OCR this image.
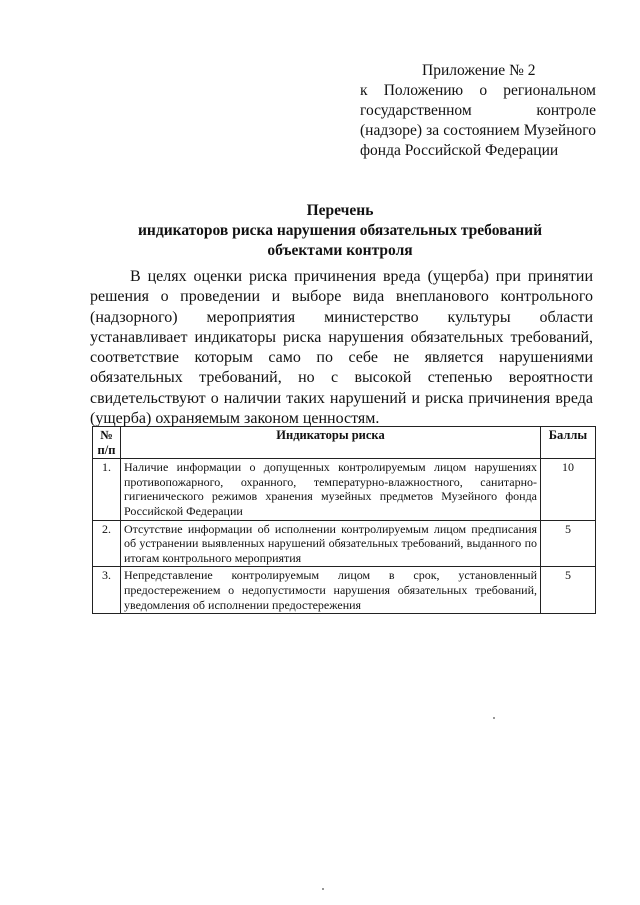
Приложение № 2
к Положению о региональном государственном контроле (надзоре) за состоянием Музейного фонда Российской Федерации
Перечень
индикаторов риска нарушения обязательных требований
объектами контроля

В целях оценки риска причинения вреда (ущерба) при принятии решения о проведении и выборе вида внепланового контрольного (надзорного) мероприятия министерство культуры области устанавливает индикаторы риска нарушения обязательных требований, соответствие которым само по себе не является нарушениями обязательных требований, но с высокой степенью вероятности свидетельствуют о наличии таких нарушений и риска причинения вреда (ущерба) охраняемым законом ценностям.

№ п/п	Индикаторы риска	Баллы
1.	Наличие информации о допущенных контролируемым лицом нарушениях противопожарного, охранного, температурно-влажностного, санитарно-гигиенического режимов хранения музейных предметов Музейного фонда Российской Федерации	10
2.	Отсутствие информации об исполнении контролируемым лицом предписания об устранении выявленных нарушений обязательных требований, выданного по итогам контрольного мероприятия	5
3.	Непредставление контролируемым лицом в срок, установленный предостережением о недопустимости нарушения обязательных требований, уведомления об исполнении предостережения	5
